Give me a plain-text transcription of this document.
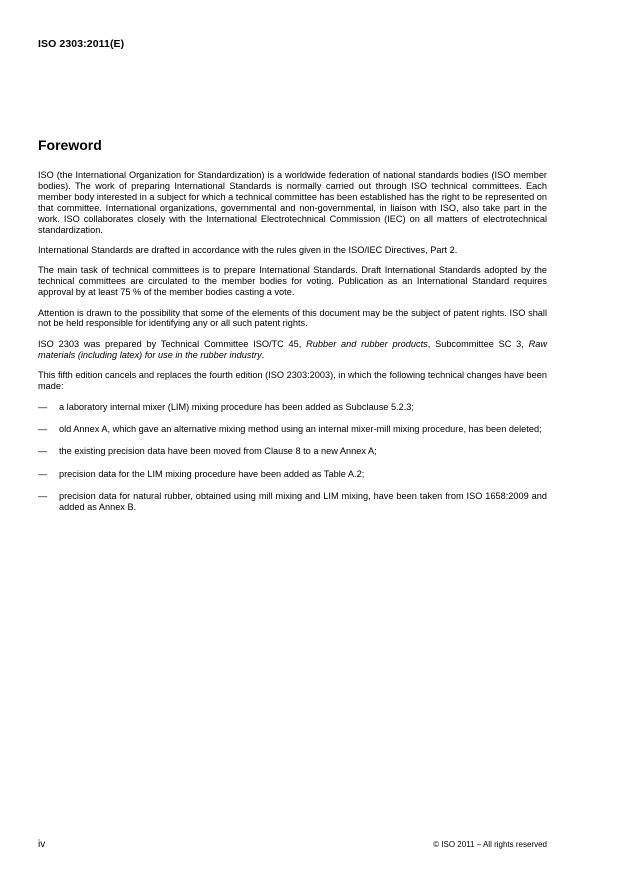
ISO 2303:2011(E)
Foreword

ISO (the International Organization for Standardization) is a worldwide federation of national standards bodies (ISO member bodies). The work of preparing International Standards is normally carried out through ISO technical committees. Each member body interested in a subject for which a technical committee has been established has the right to be represented on that committee. International organizations, governmental and non-governmental, in liaison with ISO, also take part in the work. ISO collaborates closely with the International Electrotechnical Commission (IEC) on all matters of electrotechnical standardization.

International Standards are drafted in accordance with the rules given in the ISO/IEC Directives, Part 2.

The main task of technical committees is to prepare International Standards. Draft International Standards adopted by the technical committees are circulated to the member bodies for voting. Publication as an International Standard requires approval by at least 75 % of the member bodies casting a vote.

Attention is drawn to the possibility that some of the elements of this document may be the subject of patent rights. ISO shall not be held responsible for identifying any or all such patent rights.

ISO 2303 was prepared by Technical Committee ISO/TC 45, Rubber and rubber products, Subcommittee SC 3, Raw materials (including latex) for use in the rubber industry.

This fifth edition cancels and replaces the fourth edition (ISO 2303:2003), in which the following technical changes have been made:

— a laboratory internal mixer (LIM) mixing procedure has been added as Subclause 5.2.3;
— old Annex A, which gave an alternative mixing method using an internal mixer-mill mixing procedure, has been deleted;
— the existing precision data have been moved from Clause 8 to a new Annex A;
— precision data for the LIM mixing procedure have been added as Table A.2;
— precision data for natural rubber, obtained using mill mixing and LIM mixing, have been taken from ISO 1658:2009 and added as Annex B.
iv	© ISO 2011 – All rights reserved
